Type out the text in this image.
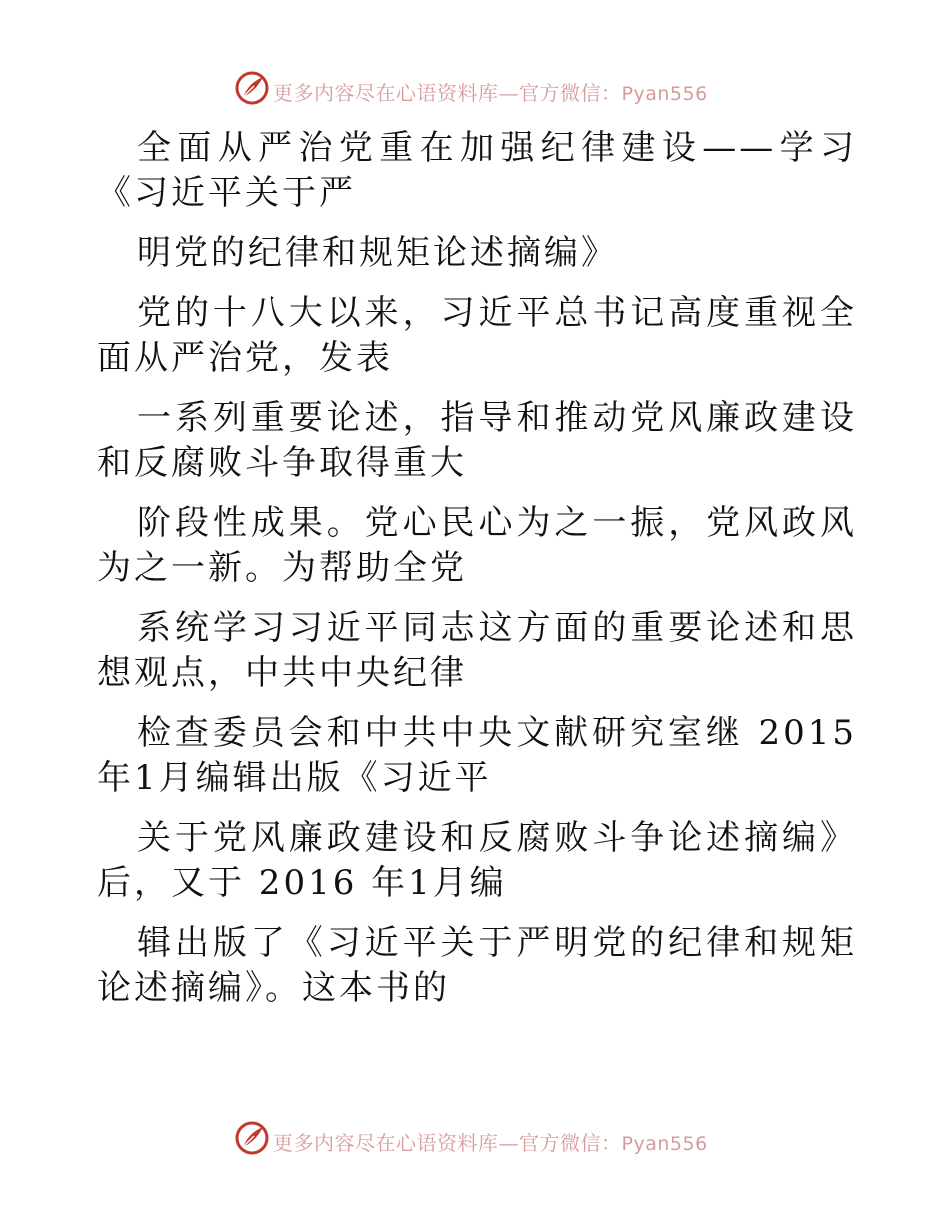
更多内容尽在心语资料库—官方微信：Pyan556

全面从严治党重在加强纪律建设——学习《习近平关于严

明党的纪律和规矩论述摘编》

党的十八大以来，习近平总书记高度重视全面从严治党，发表

一系列重要论述，指导和推动党风廉政建设和反腐败斗争取得重大

阶段性成果。党心民心为之一振，党风政风为之一新。为帮助全党

系统学习习近平同志这方面的重要论述和思想观点，中共中央纪律

检查委员会和中共中央文献研究室继 2015 年1月编辑出版《习近平

关于党风廉政建设和反腐败斗争论述摘编》后，又于 2016 年1月编

辑出版了《习近平关于严明党的纪律和规矩论述摘编》。这本书的

更多内容尽在心语资料库—官方微信：Pyan556
